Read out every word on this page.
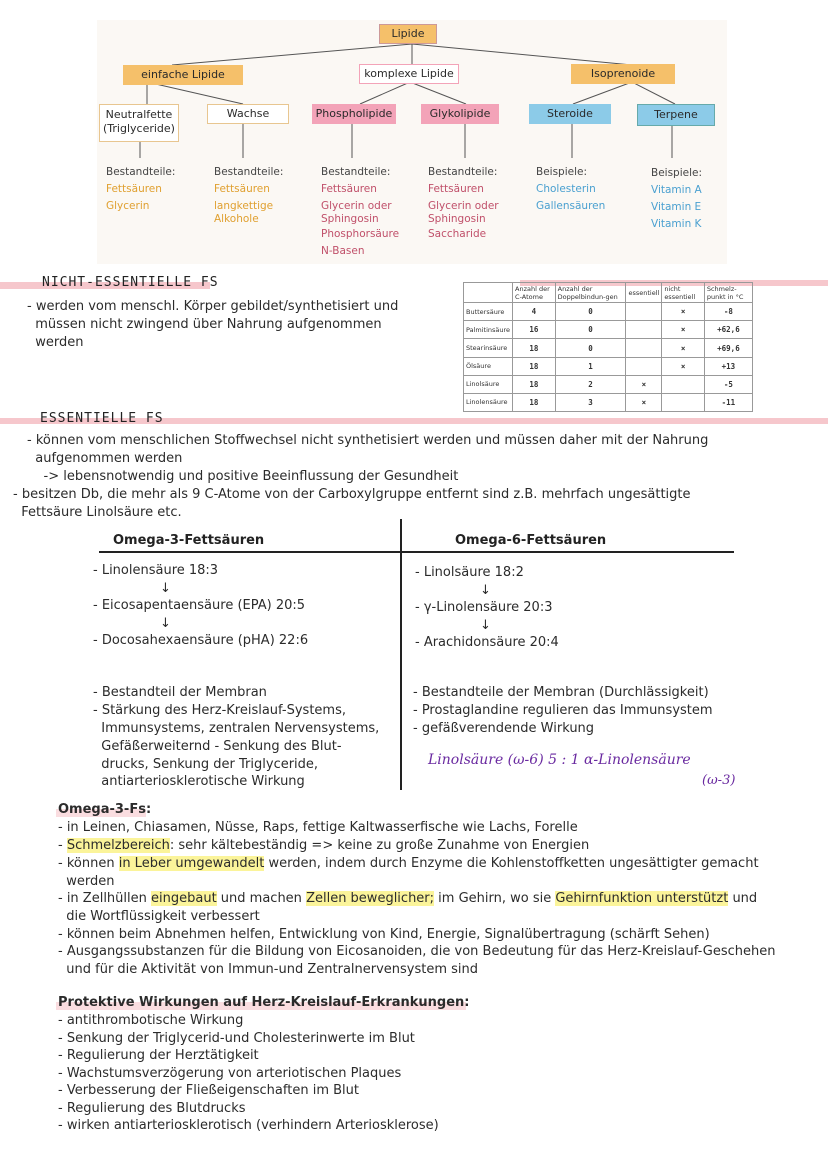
Lipide
einfache Lipide	komplexe Lipide	Isoprenoide
Neutralfette
(Triglyceride)
Wachse	Phospholipide	Glykolipide	Steroide	Terpene
Bestandteile:
Fettsäuren
Glycerin
Bestandteile:
Fettsäuren
langkettige
Alkohole
Bestandteile:
Fettsäuren
Glycerin oder
Sphingosin
Phosphorsäure
N-Basen
Bestandteile:
Fettsäuren
Glycerin oder
Sphingosin
Saccharide
Beispiele:
Cholesterin
Gallensäuren
Beispiele:
Vitamin A
Vitamin E
Vitamin K
NICHT-ESSENTIELLE FS
- werden vom menschl. Körper gebildet/synthetisiert und
müssen nicht zwingend über Nahrung aufgenommen
werden
	Anzahl der C-Atome	Anzahl der Doppelbindun-gen	essentiell	nicht essentiell	Schmelz-punkt in °C
Buttersäure	4	0		×	-8
Palmitinsäure	16	0		×	+62,6
Stearinsäure	18	0		×	+69,6
Ölsäure	18	1		×	+13
Linolsäure	18	2	×		-5
Linolensäure	18	3	×		-11
ESSENTIELLE FS
- können vom menschlichen Stoffwechsel nicht synthetisiert werden und müssen daher mit der Nahrung
aufgenommen werden
-> lebensnotwendig und positive Beeinflussung der Gesundheit
- besitzen Db, die mehr als 9 C-Atome von der Carboxylgruppe entfernt sind z.B. mehrfach ungesättigte
Fettsäure Linolsäure etc.
Omega-3-Fettsäuren	Omega-6-Fettsäuren
- Linolensäure 18:3
↓
- Eicosapentaensäure (EPA) 20:5
↓
- Docosahexaensäure (pHA) 22:6
- Linolsäure 18:2
↓
- γ-Linolensäure 20:3
↓
- Arachidonsäure 20:4
- Bestandteil der Membran
- Stärkung des Herz-Kreislauf-Systems,
Immunsystems, zentralen Nervensystems,
Gefäßerweiternd - Senkung des Blut-
drucks, Senkung der Triglyceride,
antiarteriosklerotische Wirkung
- Bestandteile der Membran (Durchlässigkeit)
- Prostaglandine regulieren das Immunsystem
- gefäßverendende Wirkung
Linolsäure (ω-6) 5 : 1 α-Linolensäure
(ω-3)
Omega-3-Fs:
- in Leinen, Chiasamen, Nüsse, Raps, fettige Kaltwasserfische wie Lachs, Forelle
- Schmelzbereich: sehr kältebeständig => keine zu große Zunahme von Energien
- können in Leber umgewandelt werden, indem durch Enzyme die Kohlenstoffketten ungesättigter gemacht
werden
- in Zellhüllen eingebaut und machen Zellen beweglicher; im Gehirn, wo sie Gehirnfunktion unterstützt und
die Wortflüssigkeit verbessert
- können beim Abnehmen helfen, Entwicklung von Kind, Energie, Signalübertragung (schärft Sehen)
- Ausgangssubstanzen für die Bildung von Eicosanoiden, die von Bedeutung für das Herz-Kreislauf-Geschehen
und für die Aktivität von Immun-und Zentralnervensystem sind
Protektive Wirkungen auf Herz-Kreislauf-Erkrankungen:
- antithrombotische Wirkung
- Senkung der Triglycerid-und Cholesterinwerte im Blut
- Regulierung der Herztätigkeit
- Wachstumsverzögerung von arteriotischen Plaques
- Verbesserung der Fließeigenschaften im Blut
- Regulierung des Blutdrucks
- wirken antiarteriosklerotisch (verhindern Arteriosklerose)
